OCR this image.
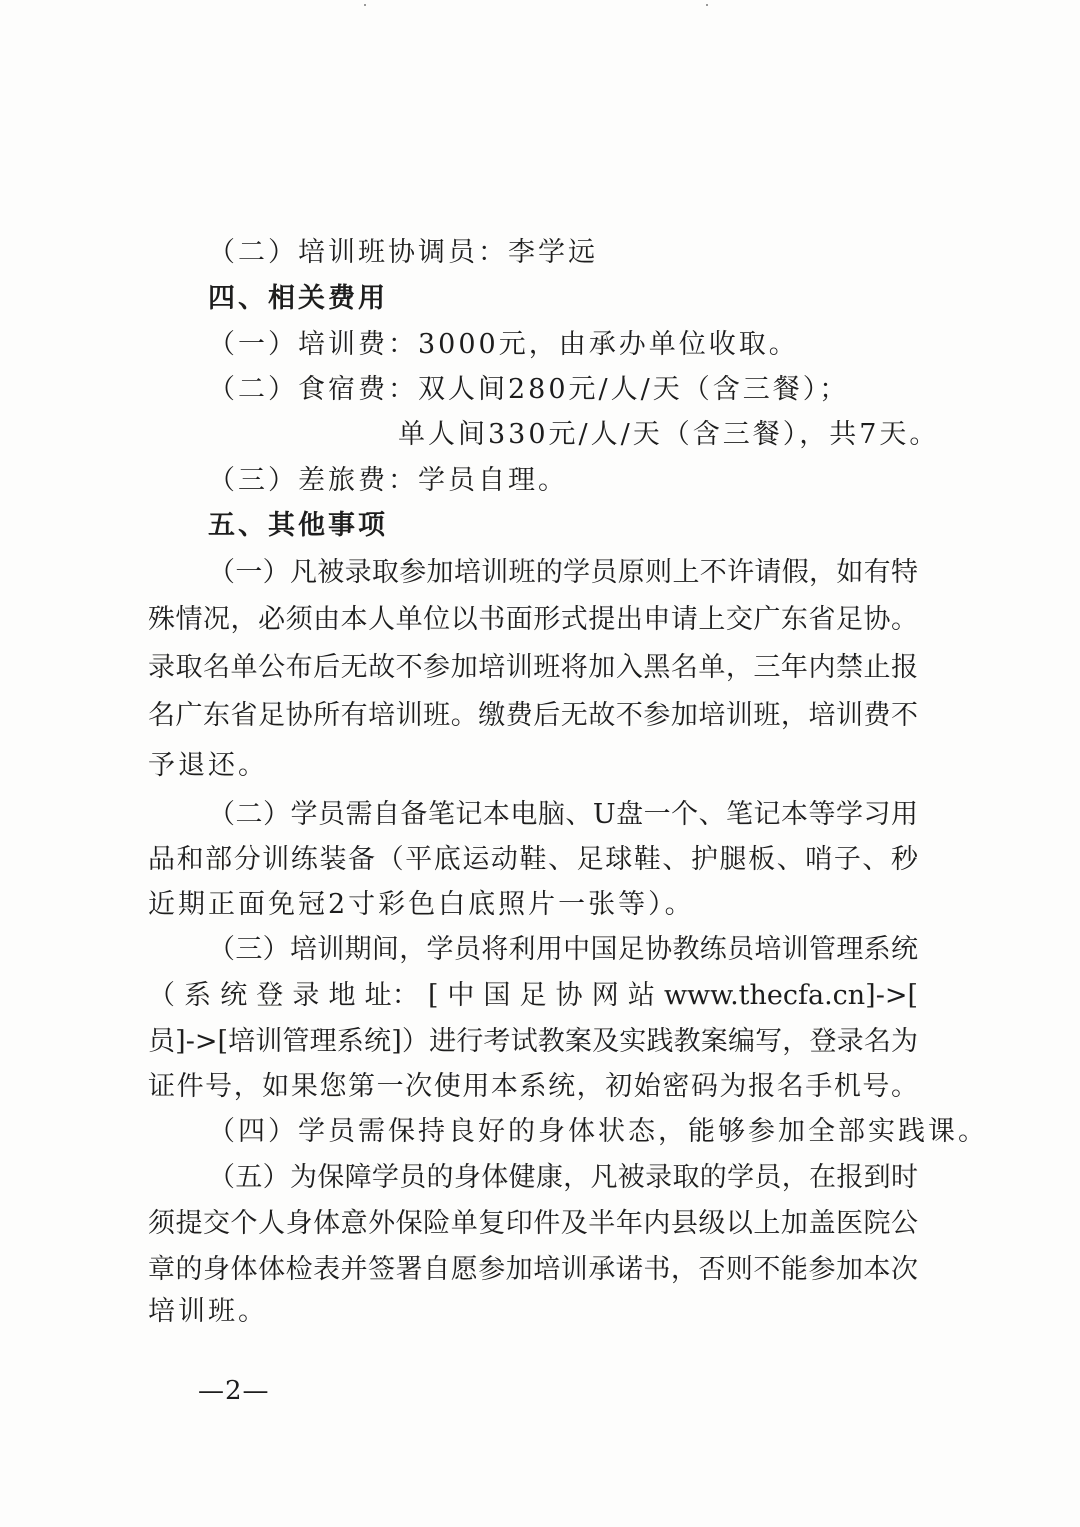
（二）培训班协调员：李学远
四、相关费用
（一）培训费：3000元，由承办单位收取。
（二）食宿费：双人间280元/人/天（含三餐）；
单人间330元/人/天（含三餐），共7天。
（三）差旅费：学员自理。
五、其他事项
（一）凡被录取参加培训班的学员原则上不许请假，如有特
殊情况，必须由本人单位以书面形式提出申请上交广东省足协。
录取名单公布后无故不参加培训班将加入黑名单，三年内禁止报
名广东省足协所有培训班。缴费后无故不参加培训班，培训费不
予退还。
（二）学员需自备笔记本电脑、U盘一个、笔记本等学习用
品和部分训练装备（平底运动鞋、足球鞋、护腿板、哨子、秒
近期正面免冠2寸彩色白底照片一张等）。
（三）培训期间，学员将利用中国足协教练员培训管理系统
（ 系 统 登 录 地 址： [ 中 国 足 协 网 站 www.thecfa.cn]->[
员]->[培训管理系统]）进行考试教案及实践教案编写，登录名为
证件号，如果您第一次使用本系统，初始密码为报名手机号。
（四）学员需保持良好的身体状态，能够参加全部实践课。
（五）为保障学员的身体健康，凡被录取的学员，在报到时
须提交个人身体意外保险单复印件及半年内县级以上加盖医院公
章的身体体检表并签署自愿参加培训承诺书，否则不能参加本次
培训班。
—2—
